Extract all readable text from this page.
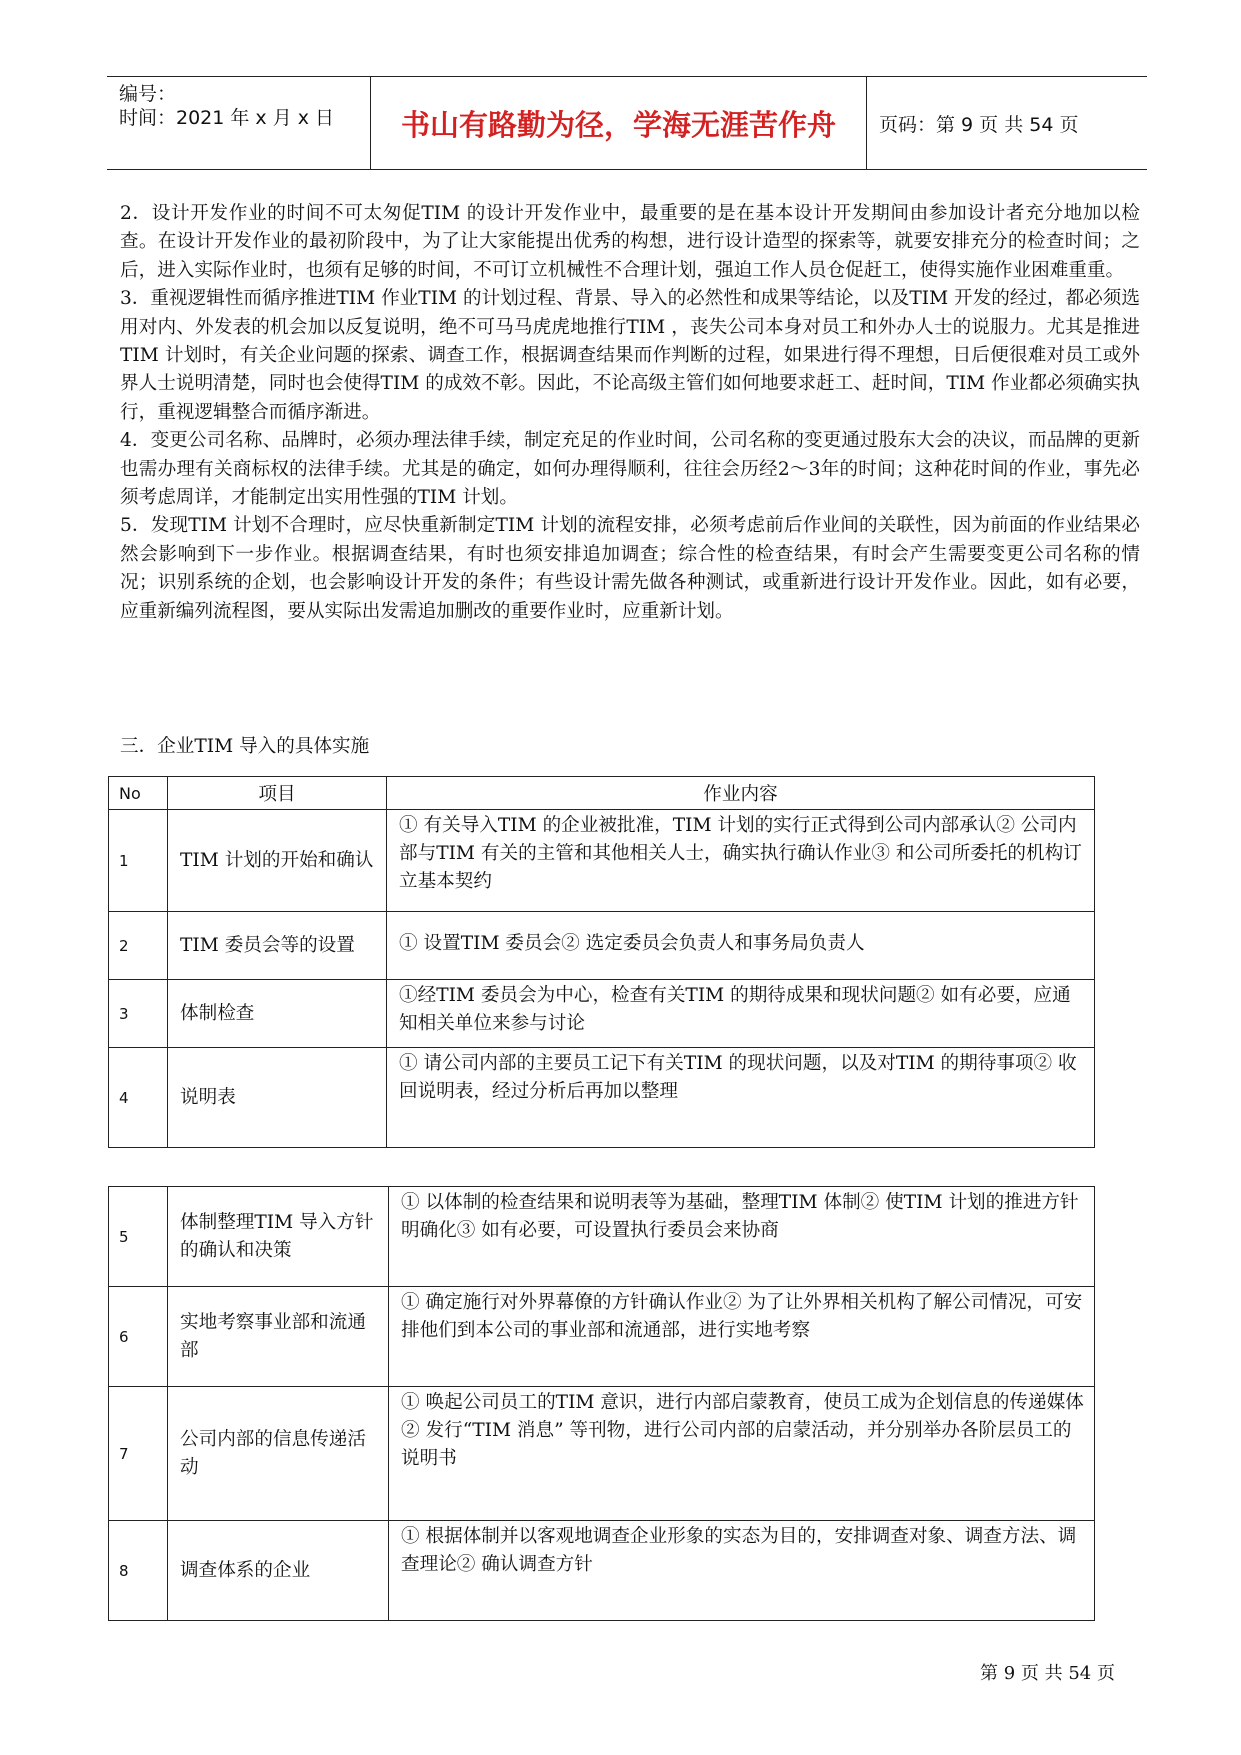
编号：
时间：2021 年 x 月 x 日 书山有路勤为径，学海无涯苦作舟 页码：第 9 页 共 54 页

2．设计开发作业的时间不可太匆促TIM 的设计开发作业中，最重要的是在基本设计开发期间由参加设计者充分地加以检查。在设计开发作业的最初阶段中，为了让大家能提出优秀的构想，进行设计造型的探索等，就要安排充分的检查时间；之后，进入实际作业时，也须有足够的时间，不可订立机械性不合理计划，强迫工作人员仓促赶工，使得实施作业困难重重。

3．重视逻辑性而循序推进TIM 作业TIM 的计划过程、背景、导入的必然性和成果等结论，以及TIM 开发的经过，都必须选用对内、外发表的机会加以反复说明，绝不可马马虎虎地推行TIM ，丧失公司本身对员工和外办人士的说服力。尤其是推进TIM 计划时，有关企业问题的探索、调查工作，根据调查结果而作判断的过程，如果进行得不理想，日后便很难对员工或外界人士说明清楚，同时也会使得TIM 的成效不彰。因此，不论高级主管们如何地要求赶工、赶时间，TIM 作业都必须确实执行，重视逻辑整合而循序渐进。

4．变更公司名称、品牌时，必须办理法律手续，制定充足的作业时间，公司名称的变更通过股东大会的决议，而品牌的更新也需办理有关商标权的法律手续。尤其是的确定，如何办理得顺利，往往会历经2～3年的时间；这种花时间的作业，事先必须考虑周详，才能制定出实用性强的TIM 计划。

5．发现TIM 计划不合理时，应尽快重新制定TIM 计划的流程安排，必须考虑前后作业间的关联性，因为前面的作业结果必然会影响到下一步作业。根据调查结果，有时也须安排追加调查；综合性的检查结果，有时会产生需要变更公司名称的情况；识别系统的企划，也会影响设计开发的条件；有些设计需先做各种测试，或重新进行设计开发作业。因此，如有必要，应重新编列流程图，要从实际出发需追加删改的重要作业时，应重新计划。

三．企业TIM 导入的具体实施
No	项目	作业内容
1	TIM 计划的开始和确认	① 有关导入TIM 的企业被批准，TIM 计划的实行正式得到公司内部承认② 公司内部与TIM 有关的主管和其他相关人士，确实执行确认作业③ 和公司所委托的机构订立基本契约
2	TIM 委员会等的设置	① 设置TIM 委员会② 选定委员会负责人和事务局负责人
3	体制检查	①经TIM 委员会为中心，检查有关TIM 的期待成果和现状问题② 如有必要，应通知相关单位来参与讨论
4	说明表	① 请公司内部的主要员工记下有关TIM 的现状问题，以及对TIM 的期待事项② 收回说明表，经过分析后再加以整理
5	体制整理TIM 导入方针的确认和决策	① 以体制的检查结果和说明表等为基础，整理TIM 体制② 使TIM 计划的推进方针明确化③ 如有必要，可设置执行委员会来协商
6	实地考察事业部和流通部	① 确定施行对外界幕僚的方针确认作业② 为了让外界相关机构了解公司情况，可安排他们到本公司的事业部和流通部，进行实地考察
7	公司内部的信息传递活动	① 唤起公司员工的TIM 意识，进行内部启蒙教育，使员工成为企划信息的传递媒体② 发行“TIM 消息” 等刊物，进行公司内部的启蒙活动，并分别举办各阶层员工的说明书
8	调查体系的企业	① 根据体制并以客观地调查企业形象的实态为目的，安排调查对象、调查方法、调查理论② 确认调查方针
第 9 页 共 54 页
